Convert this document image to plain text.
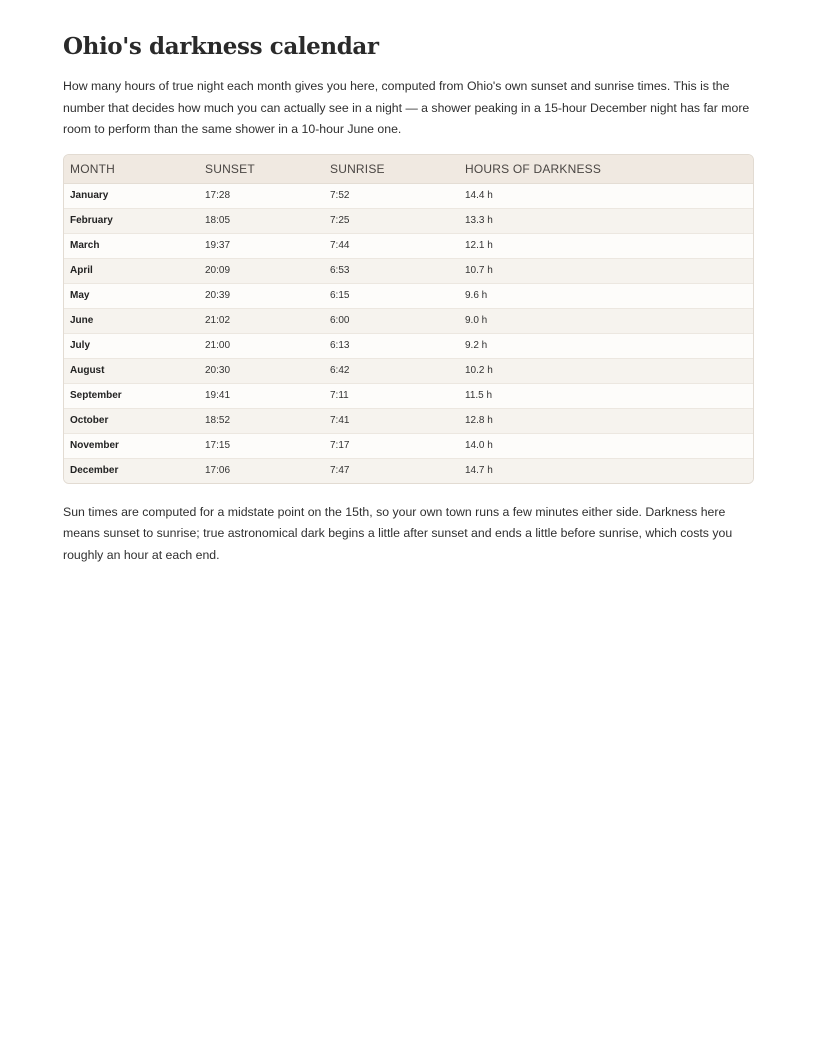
Ohio's darkness calendar

How many hours of true night each month gives you here, computed from Ohio's own sunset and sunrise times. This is the number that decides how much you can actually see in a night — a shower peaking in a 15-hour December night has far more room to perform than the same shower in a 10-hour June one.

MONTH	SUNSET	SUNRISE	HOURS OF DARKNESS
January	17:28	7:52	14.4 h
February	18:05	7:25	13.3 h
March	19:37	7:44	12.1 h
April	20:09	6:53	10.7 h
May	20:39	6:15	9.6 h
June	21:02	6:00	9.0 h
July	21:00	6:13	9.2 h
August	20:30	6:42	10.2 h
September	19:41	7:11	11.5 h
October	18:52	7:41	12.8 h
November	17:15	7:17	14.0 h
December	17:06	7:47	14.7 h

Sun times are computed for a midstate point on the 15th, so your own town runs a few minutes either side. Darkness here means sunset to sunrise; true astronomical dark begins a little after sunset and ends a little before sunrise, which costs you roughly an hour at each end.
